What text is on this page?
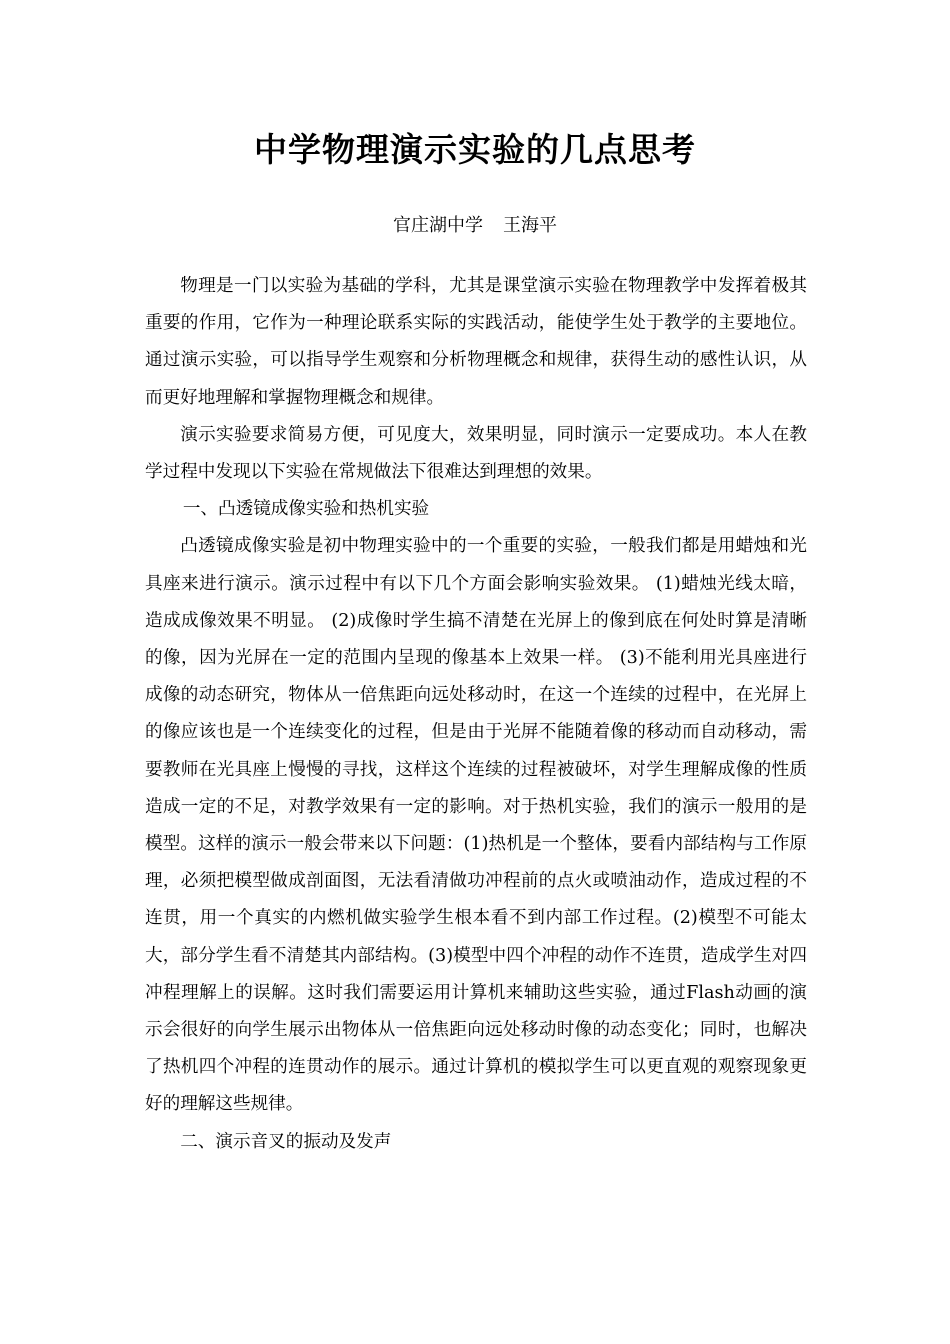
中学物理演示实验的几点思考
官庄湖中学 王海平

物理是一门以实验为基础的学科，尤其是课堂演示实验在物理教学中发挥着极其重要的作用，它作为一种理论联系实际的实践活动，能使学生处于教学的主要地位。通过演示实验，可以指导学生观察和分析物理概念和规律，获得生动的感性认识，从而更好地理解和掌握物理概念和规律。

演示实验要求简易方便，可见度大，效果明显，同时演示一定要成功。本人在教学过程中发现以下实验在常规做法下很难达到理想的效果。

一、凸透镜成像实验和热机实验

凸透镜成像实验是初中物理实验中的一个重要的实验，一般我们都是用蜡烛和光具座来进行演示。演示过程中有以下几个方面会影响实验效果。 (1)蜡烛光线太暗，造成成像效果不明显。 (2)成像时学生搞不清楚在光屏上的像到底在何处时算是清晰的像，因为光屏在一定的范围内呈现的像基本上效果一样。 (3)不能利用光具座进行成像的动态研究，物体从一倍焦距向远处移动时，在这一个连续的过程中，在光屏上的像应该也是一个连续变化的过程，但是由于光屏不能随着像的移动而自动移动，需要教师在光具座上慢慢的寻找，这样这个连续的过程被破坏，对学生理解成像的性质造成一定的不足，对教学效果有一定的影响。对于热机实验，我们的演示一般用的是模型。这样的演示一般会带来以下问题：(1)热机是一个整体，要看内部结构与工作原理，必须把模型做成剖面图，无法看清做功冲程前的点火或喷油动作，造成过程的不连贯，用一个真实的内燃机做实验学生根本看不到内部工作过程。(2)模型不可能太大，部分学生看不清楚其内部结构。(3)模型中四个冲程的动作不连贯，造成学生对四冲程理解上的误解。这时我们需要运用计算机来辅助这些实验，通过Flash动画的演示会很好的向学生展示出物体从一倍焦距向远处移动时像的动态变化；同时，也解决了热机四个冲程的连贯动作的展示。通过计算机的模拟学生可以更直观的观察现象更好的理解这些规律。

二、演示音叉的振动及发声
